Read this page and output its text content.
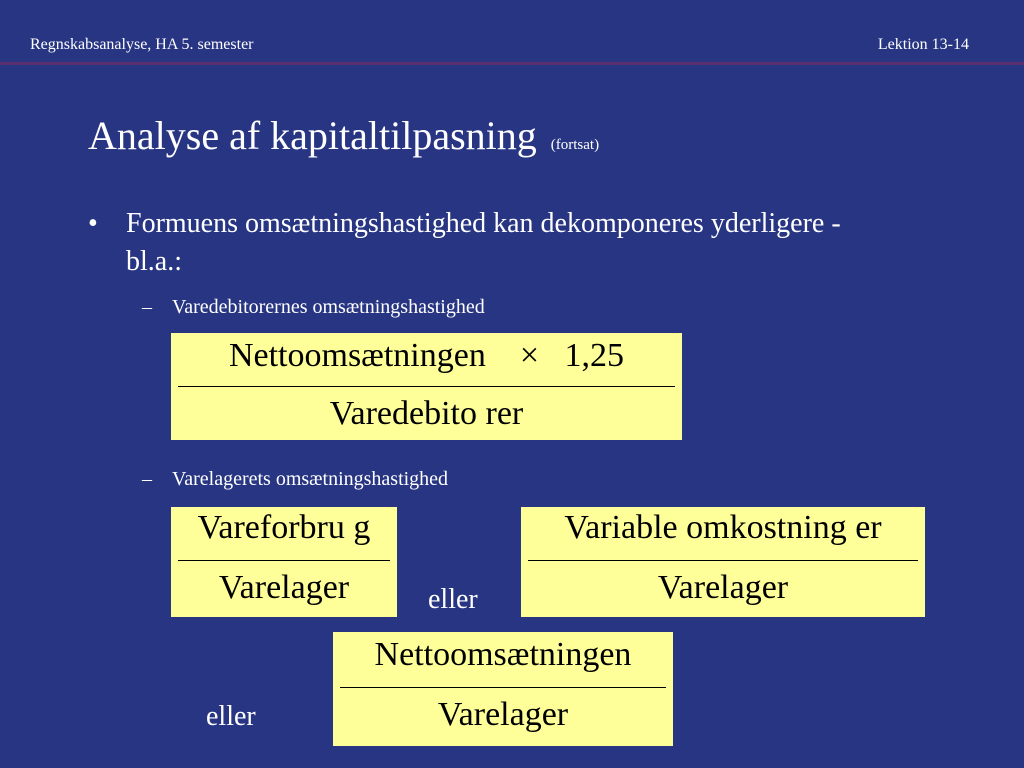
Regnskabsanalyse, HA 5. semester	Lektion 13-14
Analyse af kapitaltilpasning (fortsat)
• Formuens omsætningshastighed kan dekomponeres yderligere - bl.a.:
– Varedebitorernes omsætningshastighed
Nettoomsætningen    ×   1,25
Varedebito rer
– Varelagerets omsætningshastighed
Vareforbru g
Varelager	eller
Variable omkostning er
Varelager
Nettoomsætningen
Varelager
eller
